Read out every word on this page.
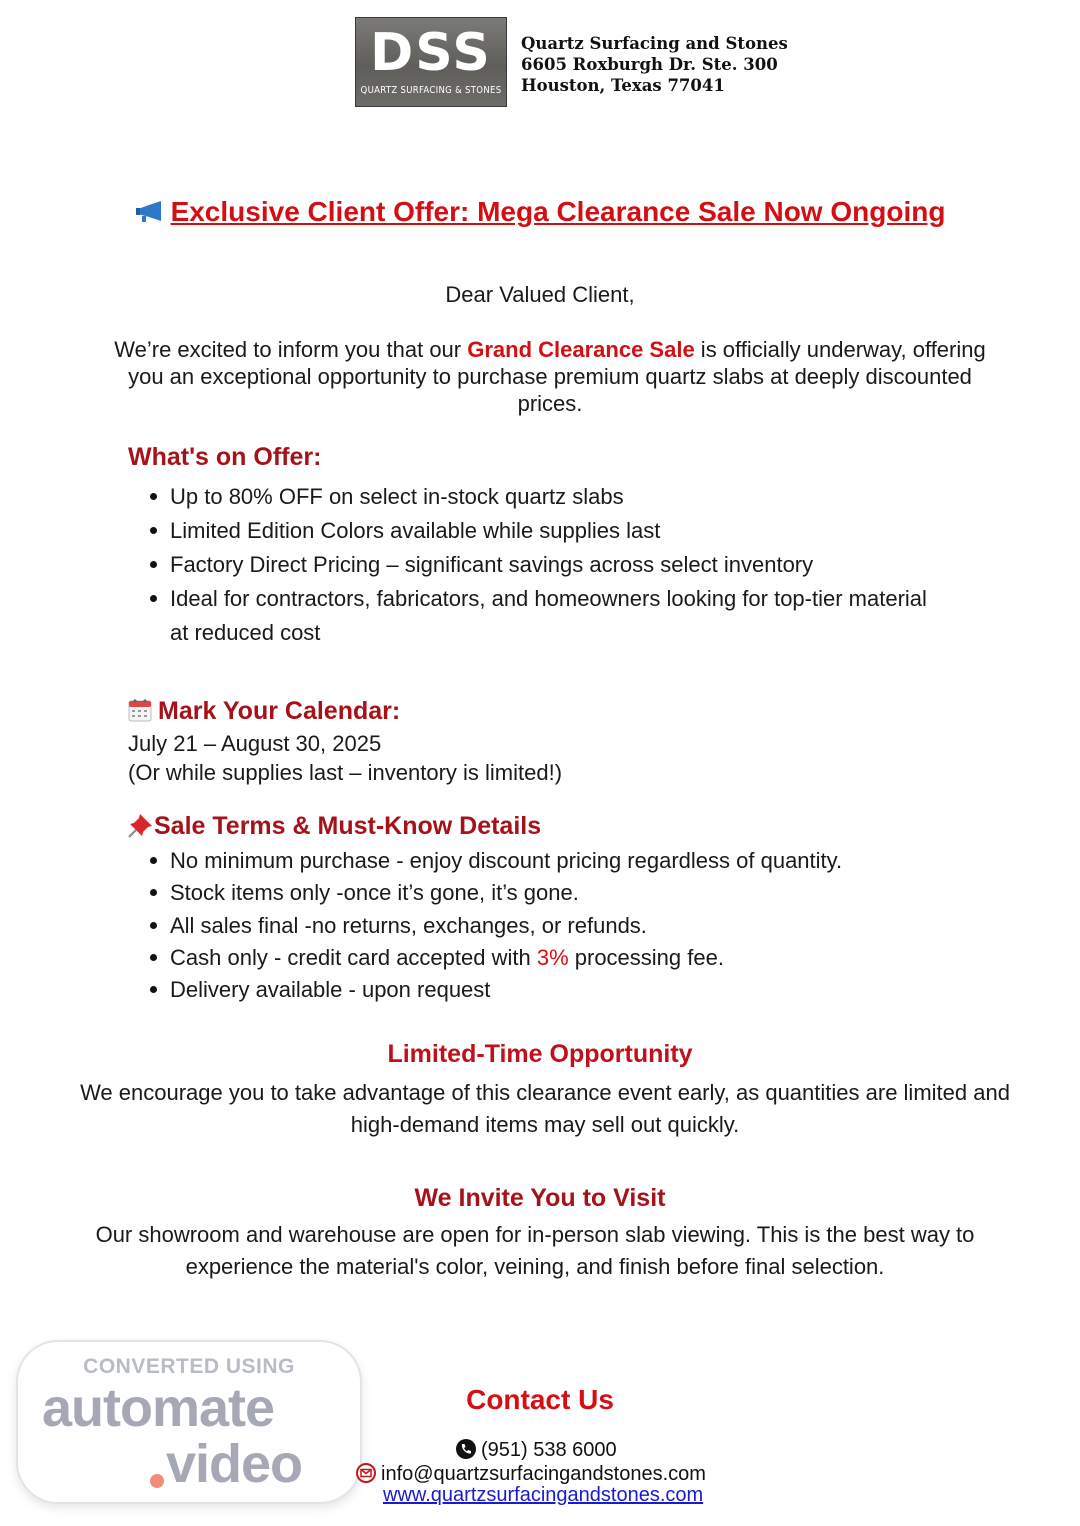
DSS
QUARTZ SURFACING & STONES
Quartz Surfacing and Stones
6605 Roxburgh Dr. Ste. 300
Houston, Texas 77041
Exclusive Client Offer: Mega Clearance Sale Now Ongoing
Dear Valued Client,
We’re excited to inform you that our Grand Clearance Sale is officially underway, offering you an exceptional opportunity to purchase premium quartz slabs at deeply discounted prices.
What's on Offer:
Up to 80% OFF on select in-stock quartz slabs
Limited Edition Colors available while supplies last
Factory Direct Pricing – significant savings across select inventory
Ideal for contractors, fabricators, and homeowners looking for top-tier material at reduced cost
Mark Your Calendar:
July 21 – August 30, 2025
(Or while supplies last – inventory is limited!)
Sale Terms & Must-Know Details
No minimum purchase - enjoy discount pricing regardless of quantity.
Stock items only -once it’s gone, it’s gone.
All sales final -no returns, exchanges, or refunds.
Cash only - credit card accepted with 3% processing fee.
Delivery available - upon request
Limited-Time Opportunity
We encourage you to take advantage of this clearance event early, as quantities are limited and high-demand items may sell out quickly.
We Invite You to Visit
Our showroom and warehouse are open for in-person slab viewing. This is the best way to experience the material's color, veining, and finish before final selection.
CONVERTED USING
automate
video
Contact Us
(951) 538 6000
info@quartzsurfacingandstones.com
www.quartzsurfacingandstones.com
